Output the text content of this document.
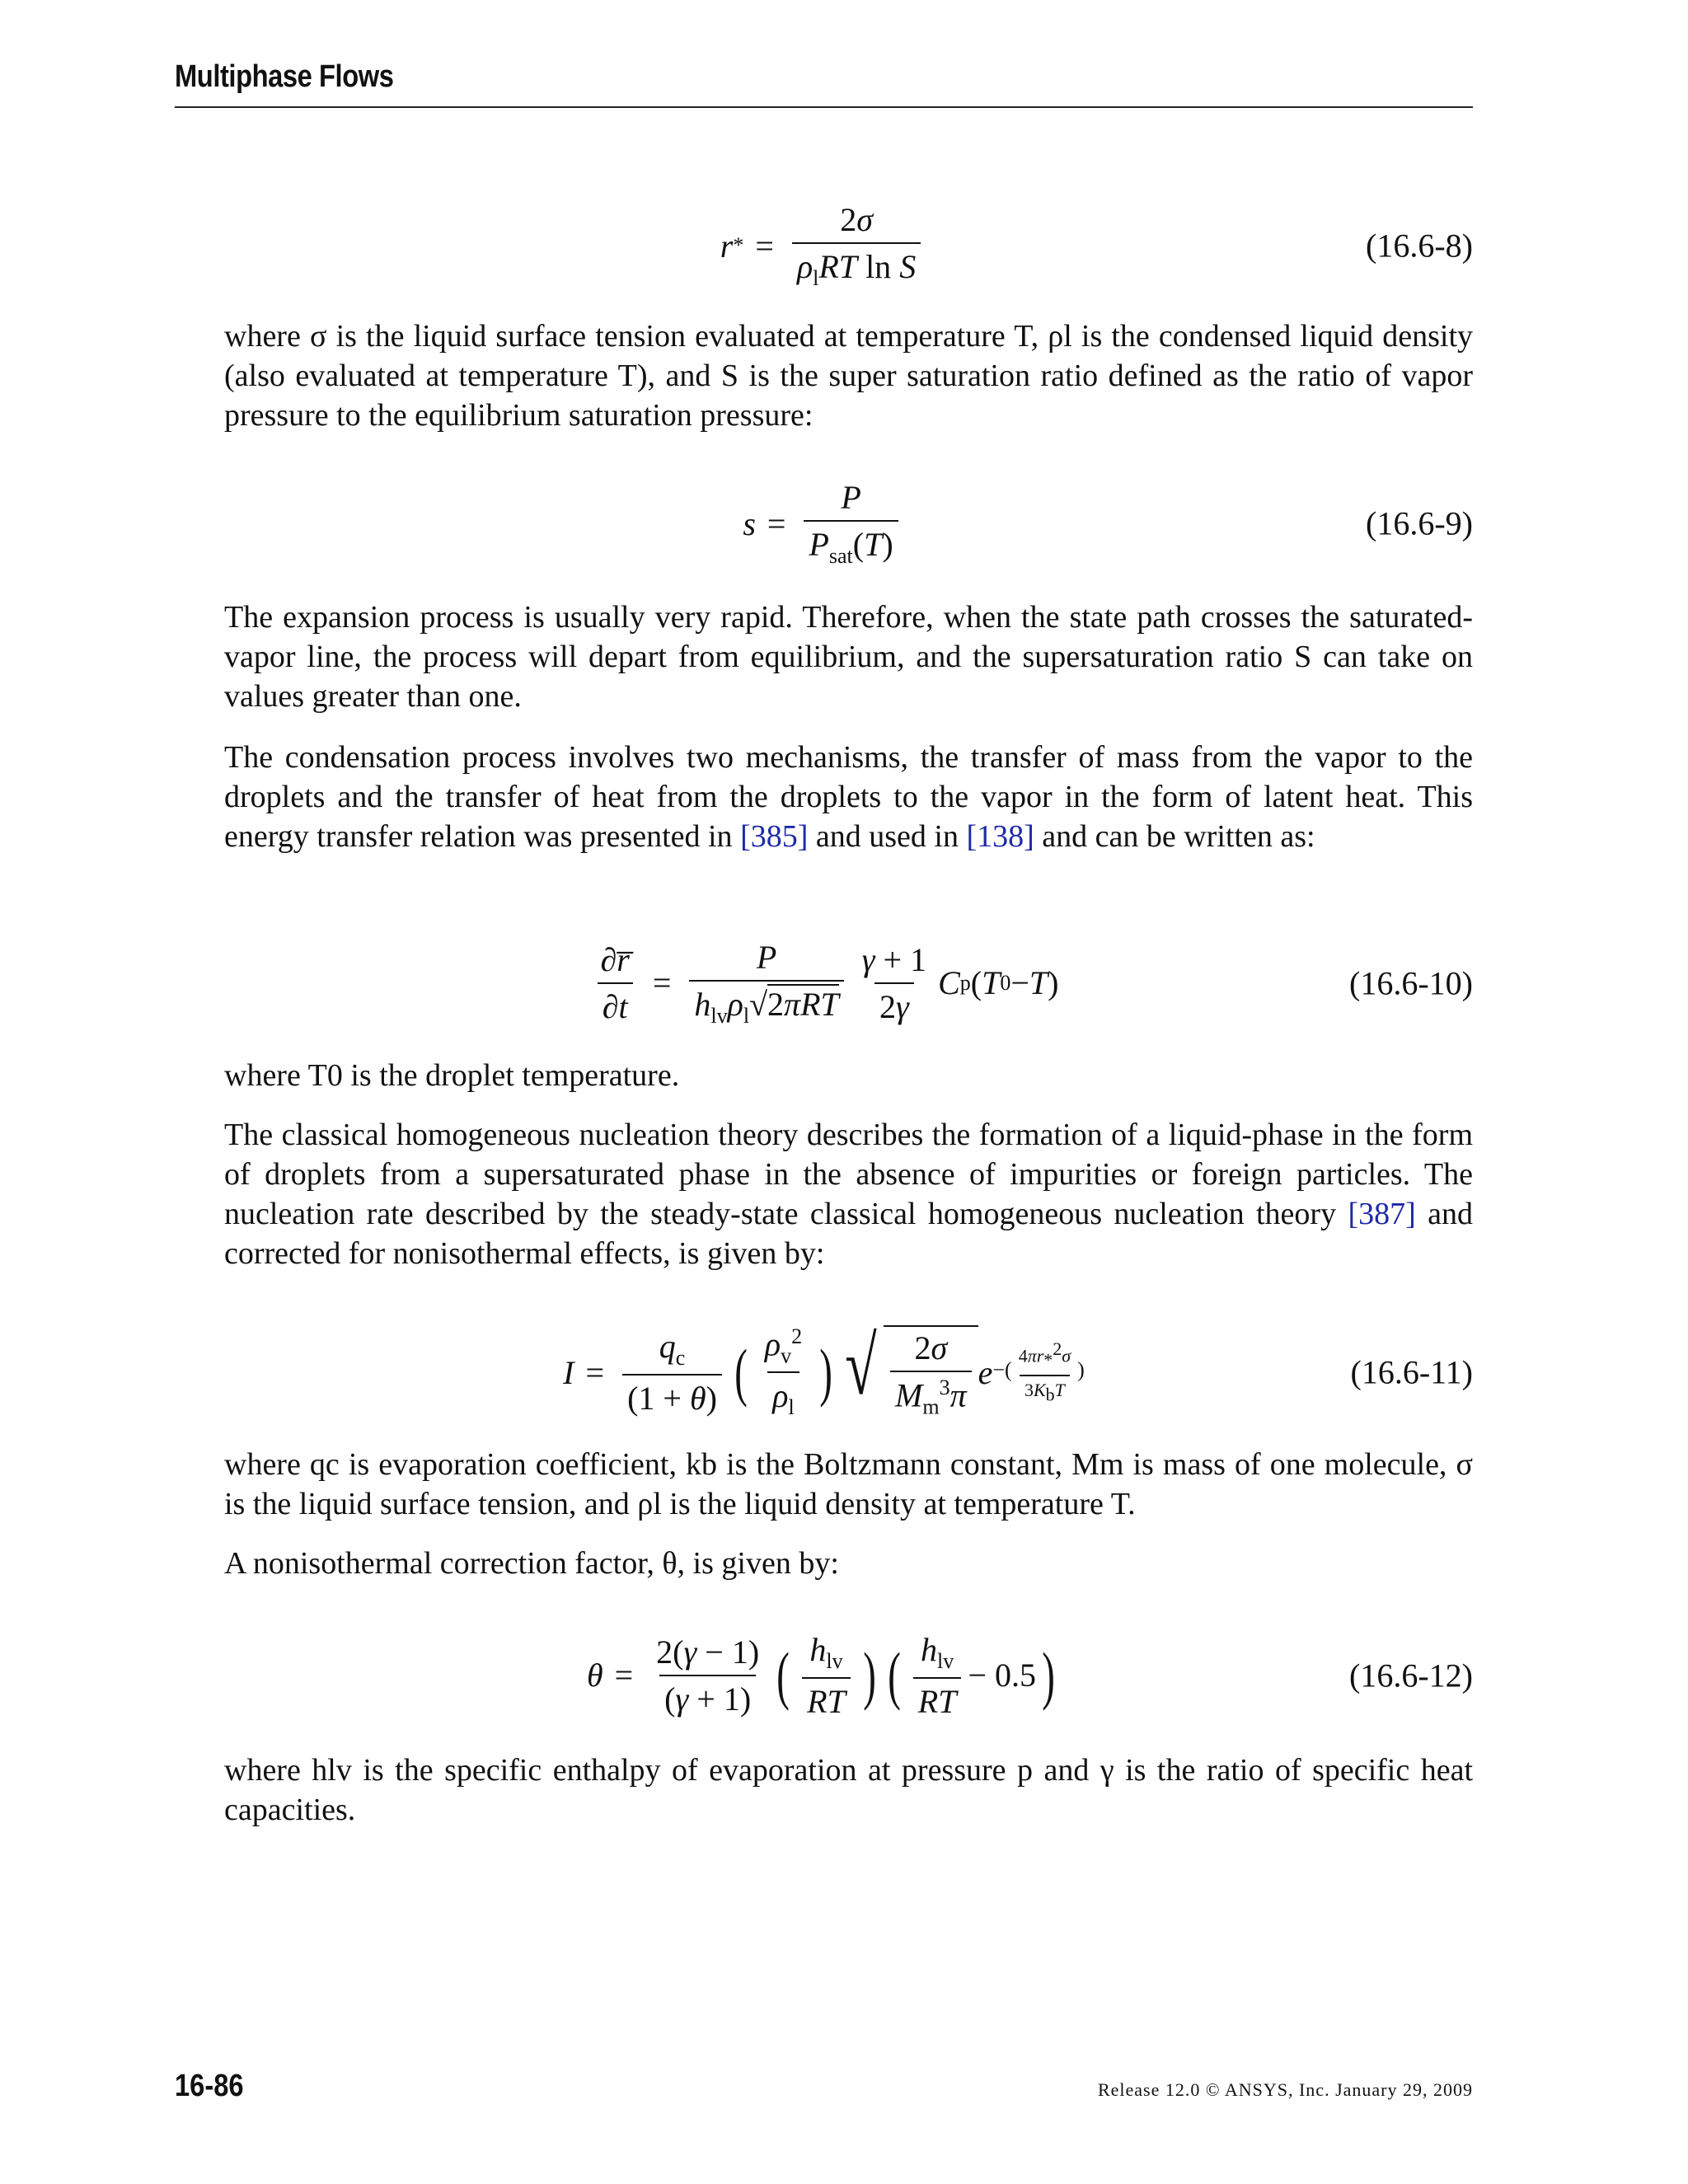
Multiphase Flows
r * = $\frac{2\sigma}{\rho_lRT \ln S}$	(16.6-8)
where σ is the liquid surface tension evaluated at temperature T, ρl is the condensed liquid density (also evaluated at temperature T), and S is the super saturation ratio defined as the ratio of vapor pressure to the equilibrium saturation pressure:
$s = \frac{P}{P_{sat}(T)}$	(16.6-9)
The expansion process is usually very rapid. Therefore, when the state path crosses the saturated-vapor line, the process will depart from equilibrium, and the supersaturation ratio S can take on values greater than one.
The condensation process involves two mechanisms, the transfer of mass from the vapor to the droplets and the transfer of heat from the droplets to the vapor in the form of latent heat. This energy transfer relation was presented in [385] and used in [138] and can be written as:
$\frac{\partial r̅}{\partial t} = \frac{P}{h_{lv}\rho_l√2\pi RT} \frac{\gamma + 1}{2\gamma}$ C p ( T 0 − T )	(16.6-10)
where T0 is the droplet temperature.
The classical homogeneous nucleation theory describes the formation of a liquid-phase in the form of droplets from a supersaturated phase in the absence of impurities or foreign particles. The nucleation rate described by the steady-state classical homogeneous nucleation theory [387] and corrected for nonisothermal effects, is given by:
$I = \frac{q_c}{(1 + \theta)}$ ( $\frac{\rho_v^2}{\rho_l}$ ) √ $\frac{2\sigma}{M_m^3\pi}$ e −( $\frac{4\pi r_*^2\sigma}{3K_bT}$ )	(16.6-11)
where qc is evaporation coefficient, kb is the Boltzmann constant, Mm is mass of one molecule, σ is the liquid surface tension, and ρl is the liquid density at temperature T.
A nonisothermal correction factor, θ, is given by:
$\theta = \frac{2(\gamma - 1)}{(\gamma + 1)}$ ( $\frac{h_{lv}}{RT}$ ) ( $\frac{h_{lv}}{RT} - 0.5$ )	(16.6-12)
where hlv is the specific enthalpy of evaporation at pressure p and γ is the ratio of specific heat capacities.
16-86	Release 12.0 © ANSYS, Inc. January 29, 2009
